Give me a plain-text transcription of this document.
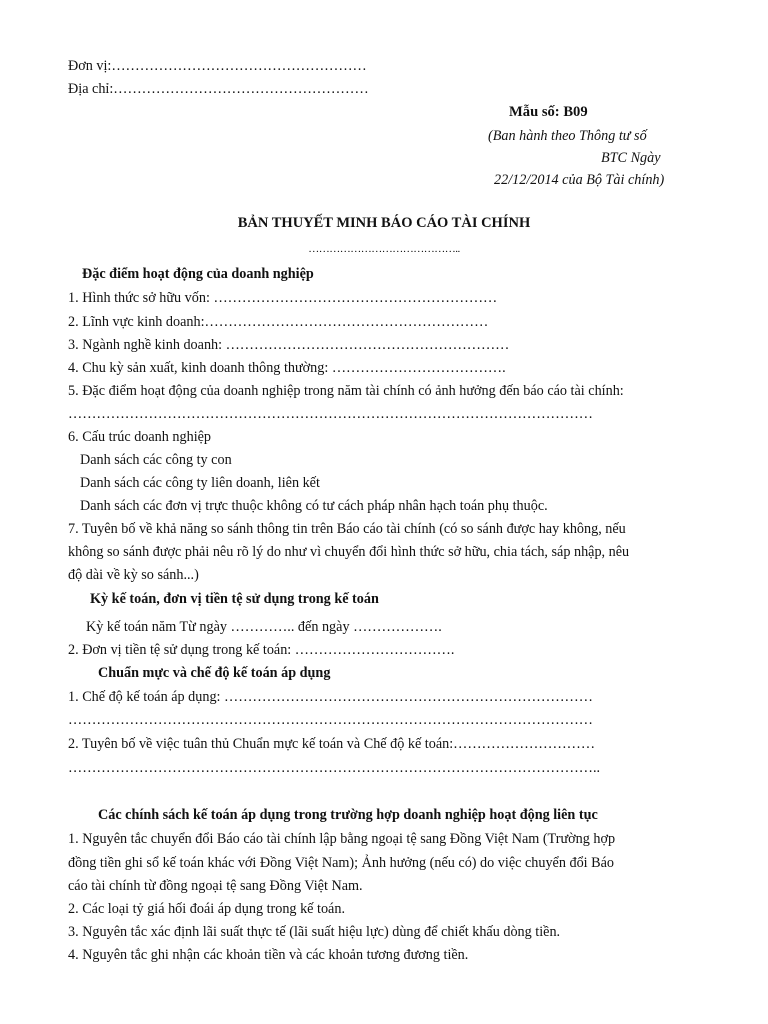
Đơn vị:………………………………………………
Địa chỉ:………………………………………………
Mẫu số: B09
(Ban hành theo Thông tư số
BTC Ngày
22/12/2014 của Bộ Tài chính)
BẢN THUYẾT MINH BÁO CÁO TÀI CHÍNH
……………………………………..
Đặc điểm hoạt động của doanh nghiệp
1. Hình thức sở hữu vốn: ……………………………………………………
2. Lĩnh vực kinh doanh:……………………………………………………
3. Ngành nghề kinh doanh: ……………………………………………………
4. Chu kỳ sản xuất, kinh doanh thông thường: ……………………………….
5. Đặc điểm hoạt động của doanh nghiệp trong năm tài chính có ảnh hưởng đến báo cáo tài chính:
…………………………………………………………………………………………………
6. Cấu trúc doanh nghiệp
Danh sách các công ty con
Danh sách các công ty liên doanh, liên kết
Danh sách các đơn vị trực thuộc không có tư cách pháp nhân hạch toán phụ thuộc.
7. Tuyên bố về khả năng so sánh thông tin trên Báo cáo tài chính (có so sánh được hay không, nếu
không so sánh được phải nêu rõ lý do như vì chuyển đổi hình thức sở hữu, chia tách, sáp nhập, nêu
độ dài về kỳ so sánh...)
Kỳ kế toán, đơn vị tiền tệ sử dụng trong kế toán
Kỳ kế toán năm Từ ngày ………….. đến ngày ……………….
2. Đơn vị tiền tệ sử dụng trong kế toán: …………………………….
Chuẩn mực và chế độ kế toán áp dụng
1. Chế độ kế toán áp dụng: ……………………………………………………………………
…………………………………………………………………………………………………
2. Tuyên bố về việc tuân thủ Chuẩn mực kế toán và Chế độ kế toán:…………………………
…………………………………………………………………………………………………..
Các chính sách kế toán áp dụng trong trường hợp doanh nghiệp hoạt động liên tục
1. Nguyên tắc chuyển đổi Báo cáo tài chính lập bằng ngoại tệ sang Đồng Việt Nam (Trường hợp
đồng tiền ghi sổ kế toán khác với Đồng Việt Nam); Ảnh hưởng (nếu có) do việc chuyển đổi Báo
cáo tài chính từ đồng ngoại tệ sang Đồng Việt Nam.
2. Các loại tỷ giá hối đoái áp dụng trong kế toán.
3. Nguyên tắc xác định lãi suất thực tế (lãi suất hiệu lực) dùng để chiết khấu dòng tiền.
4. Nguyên tắc ghi nhận các khoản tiền và các khoản tương đương tiền.
